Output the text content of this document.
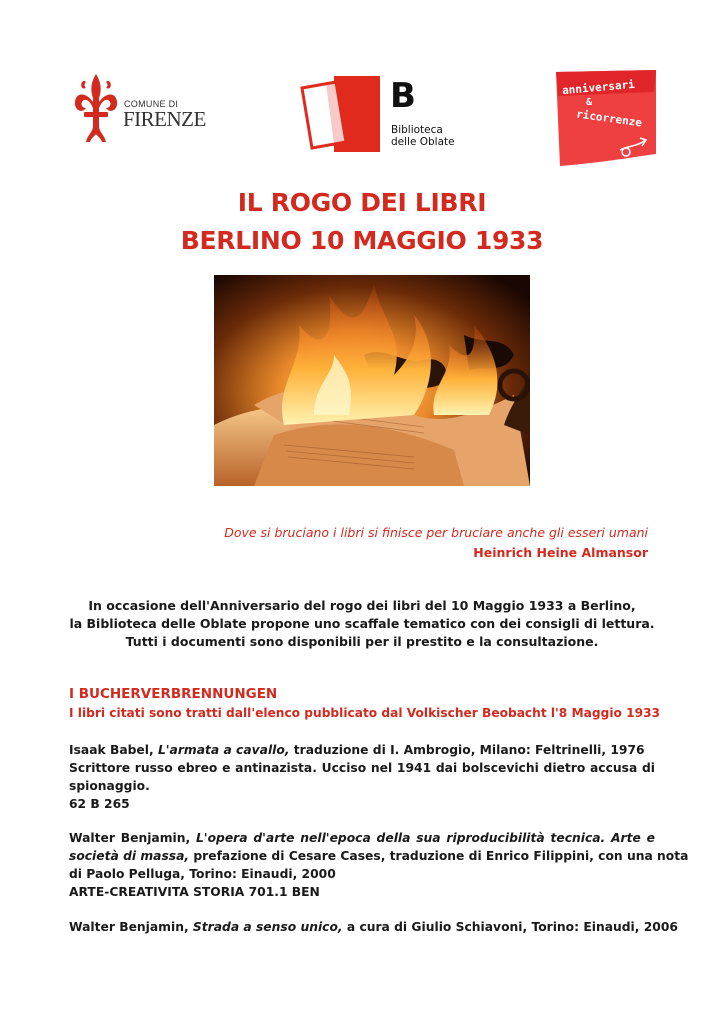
COMUNE DI
FIRENZE
B
Biblioteca
delle Oblate
anniversari
&
ricorrenze
IL ROGO DEI LIBRI
BERLINO 10 MAGGIO 1933
Dove si bruciano i libri si finisce per bruciare anche gli esseri umani
Heinrich Heine Almansor
In occasione dell'Anniversario del rogo dei libri del 10 Maggio 1933 a Berlino,
la Biblioteca delle Oblate propone uno scaffale tematico con dei consigli di lettura.
Tutti i documenti sono disponibili per il prestito e la consultazione.
I BUCHERVERBRENNUNGEN
I libri citati sono tratti dall'elenco pubblicato dal Volkischer Beobacht l'8 Maggio 1933
Isaak Babel, L'armata a cavallo, traduzione di I. Ambrogio, Milano: Feltrinelli, 1976
Scrittore russo ebreo e antinazista. Ucciso nel 1941 dai bolscevichi dietro accusa di
spionaggio.
62 B 265
Walter Benjamin, L'opera d'arte nell'epoca della sua riproducibilità tecnica. Arte e
società di massa, prefazione di Cesare Cases, traduzione di Enrico Filippini, con una nota
di Paolo Pelluga, Torino: Einaudi, 2000
ARTE-CREATIVITA STORIA 701.1 BEN
Walter Benjamin, Strada a senso unico, a cura di Giulio Schiavoni, Torino: Einaudi, 2006
